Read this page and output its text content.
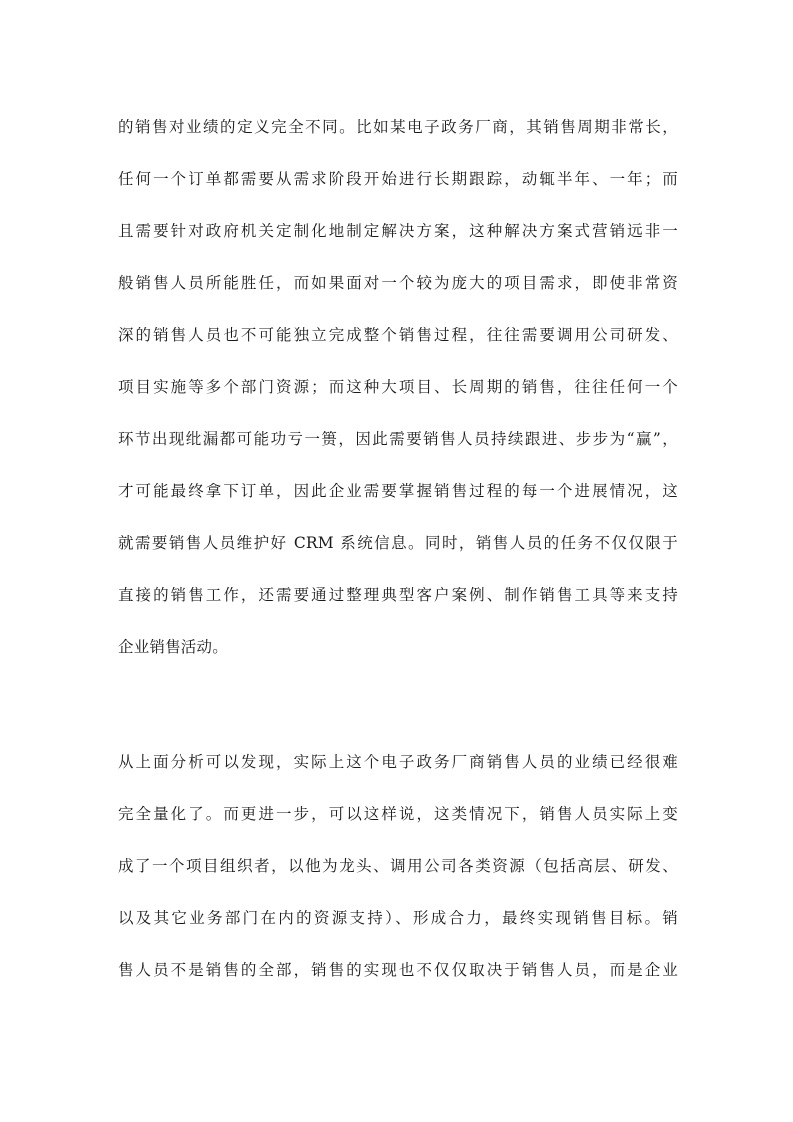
的销售对业绩的定义完全不同。比如某电子政务厂商，其销售周期非常长，
任何一个订单都需要从需求阶段开始进行长期跟踪，动辄半年、一年；而
且需要针对政府机关定制化地制定解决方案，这种解决方案式营销远非一
般销售人员所能胜任，而如果面对一个较为庞大的项目需求，即使非常资
深的销售人员也不可能独立完成整个销售过程，往往需要调用公司研发、
项目实施等多个部门资源；而这种大项目、长周期的销售，往往任何一个
环节出现纰漏都可能功亏一篑，因此需要销售人员持续跟进、步步为“赢”，
才可能最终拿下订单，因此企业需要掌握销售过程的每一个进展情况，这
就需要销售人员维护好 CRM 系统信息。同时，销售人员的任务不仅仅限于
直接的销售工作，还需要通过整理典型客户案例、制作销售工具等来支持
企业销售活动。
从上面分析可以发现，实际上这个电子政务厂商销售人员的业绩已经很难
完全量化了。而更进一步，可以这样说，这类情况下，销售人员实际上变
成了一个项目组织者，以他为龙头、调用公司各类资源（包括高层、研发、
以及其它业务部门在内的资源支持）、形成合力，最终实现销售目标。销
售人员不是销售的全部，销售的实现也不仅仅取决于销售人员，而是企业
